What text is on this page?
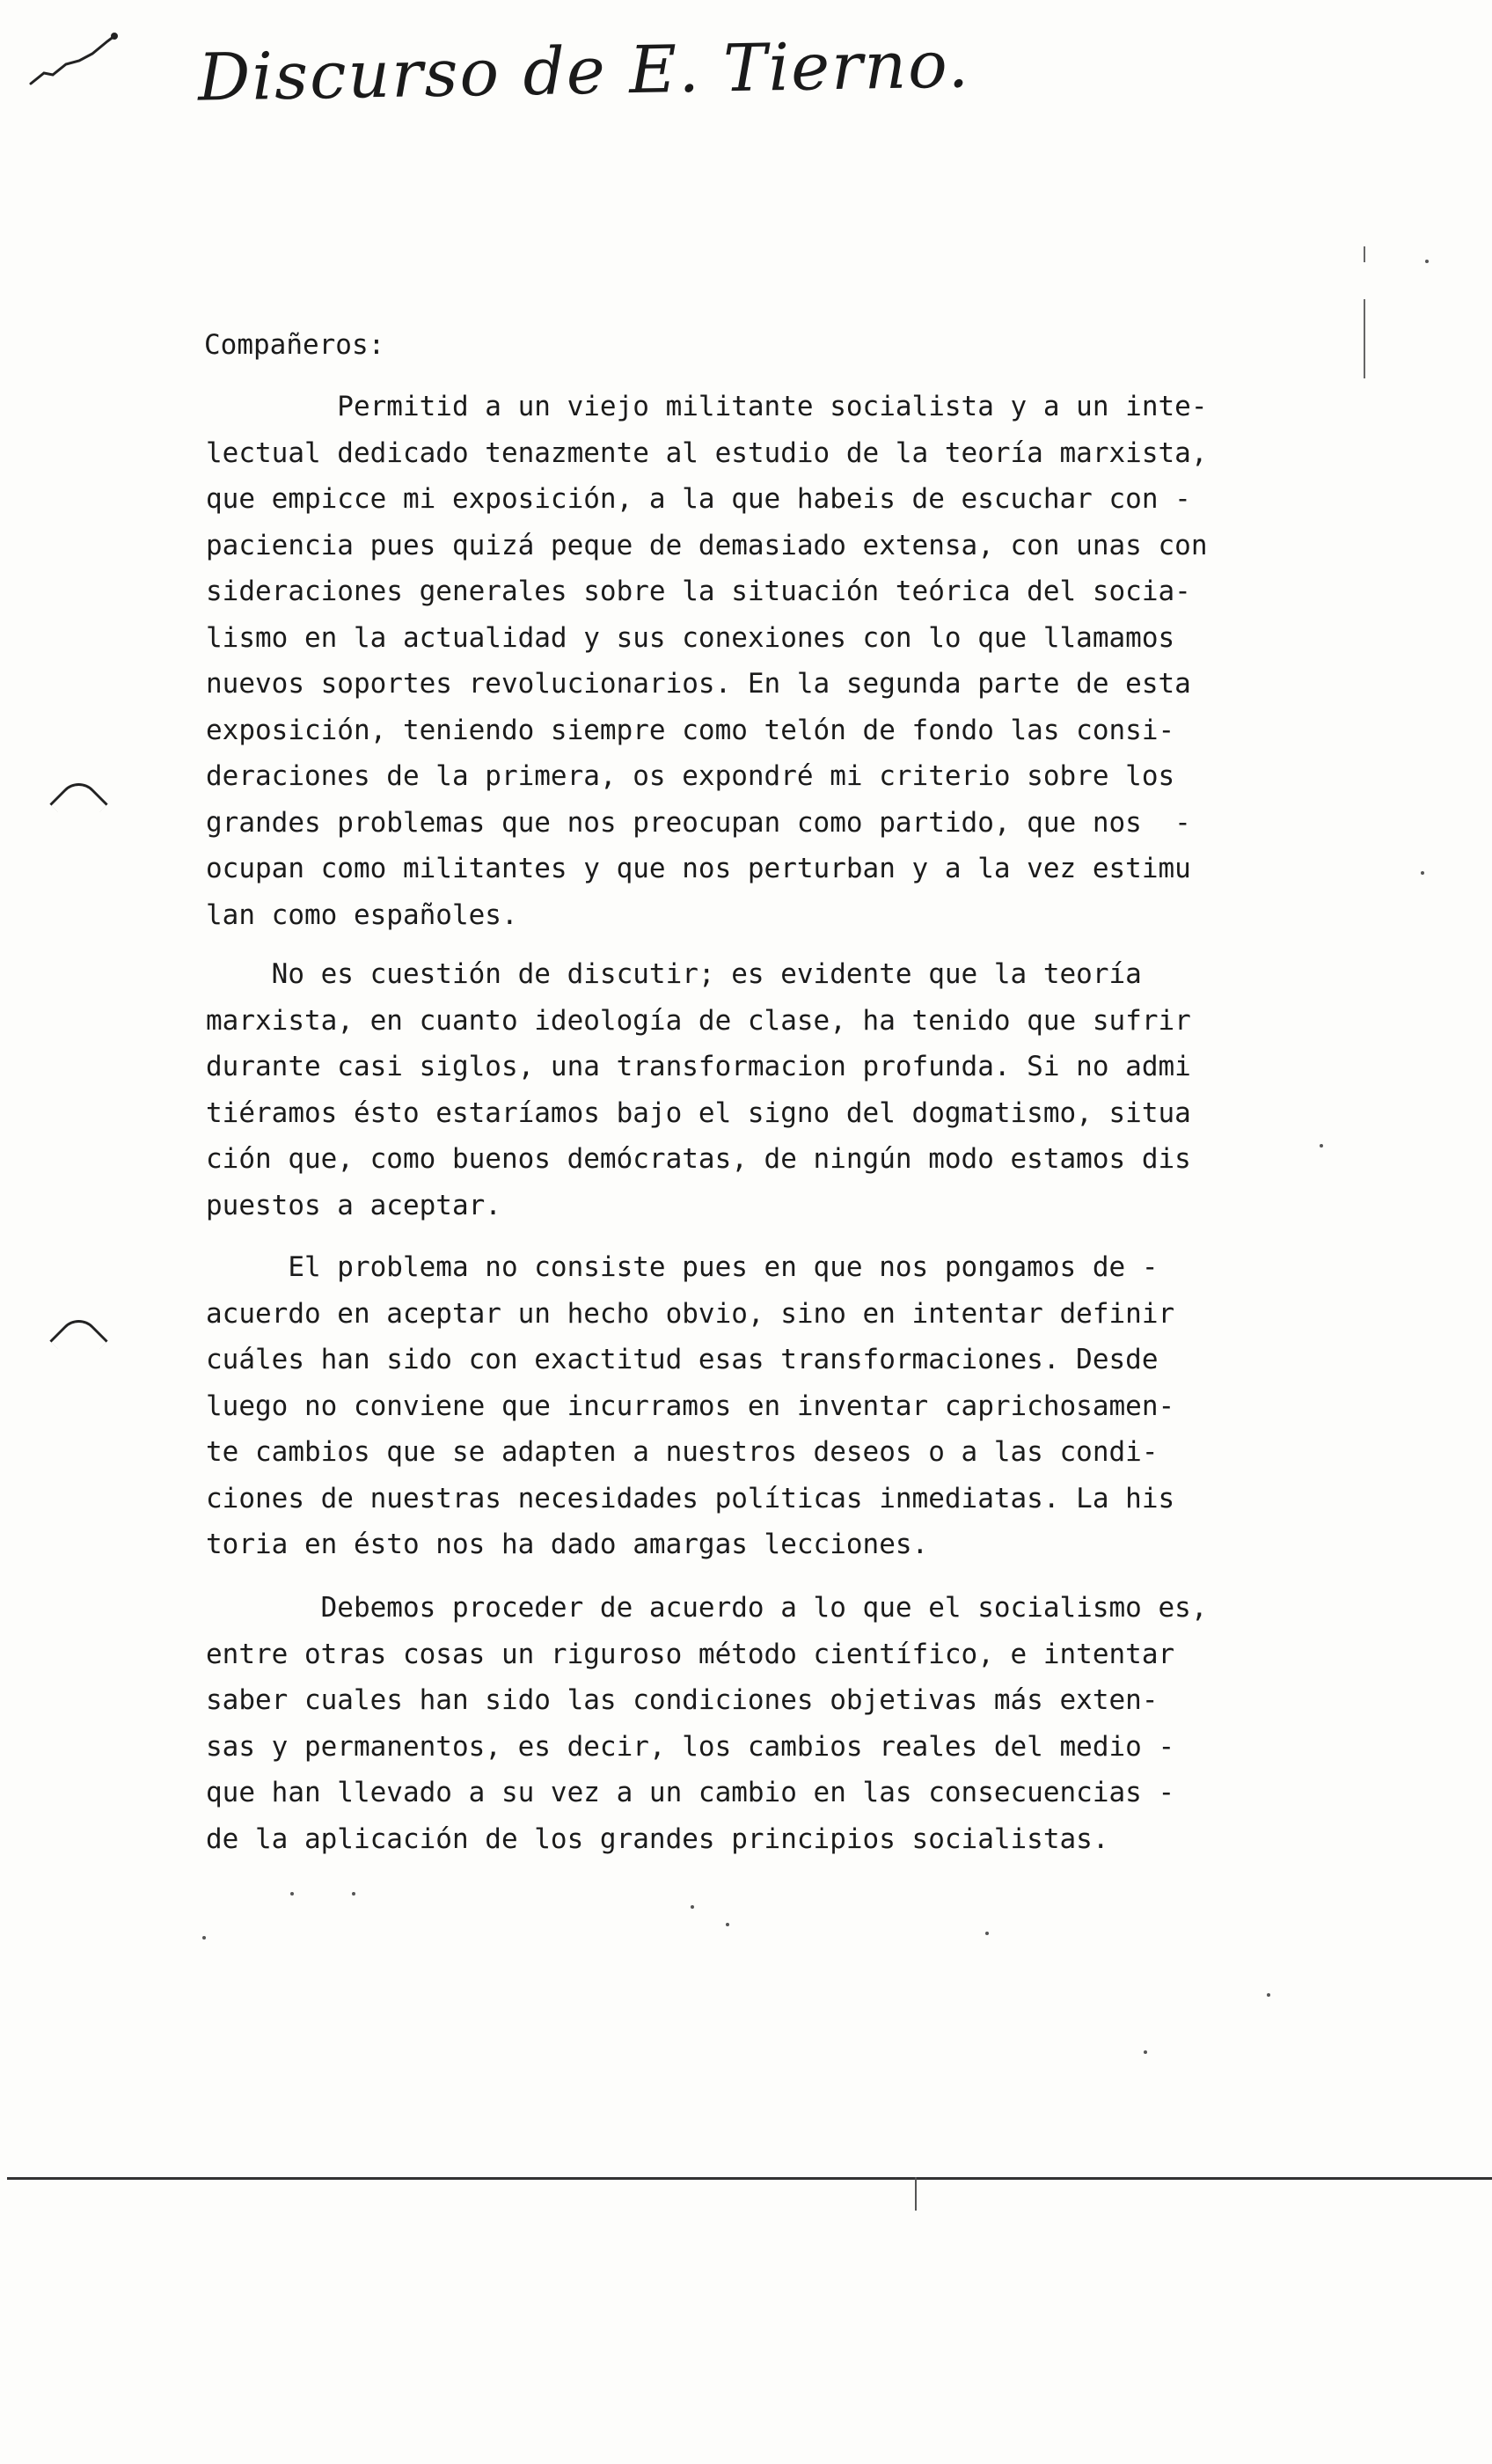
Discurso de E. Tierno.
Compañeros:
Permitid a un viejo militante socialista y a un inte-
lectual dedicado tenazmente al estudio de la teoría marxista,
que empicce mi exposición, a la que habeis de escuchar con -
paciencia pues quizá peque de demasiado extensa, con unas con
sideraciones generales sobre la situación teórica del socia-
lismo en la actualidad y sus conexiones con lo que llamamos
nuevos soportes revolucionarios. En la segunda parte de esta
exposición, teniendo siempre como telón de fondo las consi-
deraciones de la primera, os expondré mi criterio sobre los
grandes problemas que nos preocupan como partido, que nos  -
ocupan como militantes y que nos perturban y a la vez estimu
lan como españoles.
No es cuestión de discutir; es evidente que la teoría
marxista, en cuanto ideología de clase, ha tenido que sufrir
durante casi siglos, una transformacion profunda. Si no admi
tiéramos ésto estaríamos bajo el signo del dogmatismo, situa
ción que, como buenos demócratas, de ningún modo estamos dis
puestos a aceptar.
El problema no consiste pues en que nos pongamos de -
acuerdo en aceptar un hecho obvio, sino en intentar definir
cuáles han sido con exactitud esas transformaciones. Desde
luego no conviene que incurramos en inventar caprichosamen-
te cambios que se adapten a nuestros deseos o a las condi-
ciones de nuestras necesidades políticas inmediatas. La his
toria en ésto nos ha dado amargas lecciones.
Debemos proceder de acuerdo a lo que el socialismo es,
entre otras cosas un riguroso método científico, e intentar
saber cuales han sido las condiciones objetivas más exten-
sas y permanentos, es decir, los cambios reales del medio -
que han llevado a su vez a un cambio en las consecuencias -
de la aplicación de los grandes principios socialistas.
